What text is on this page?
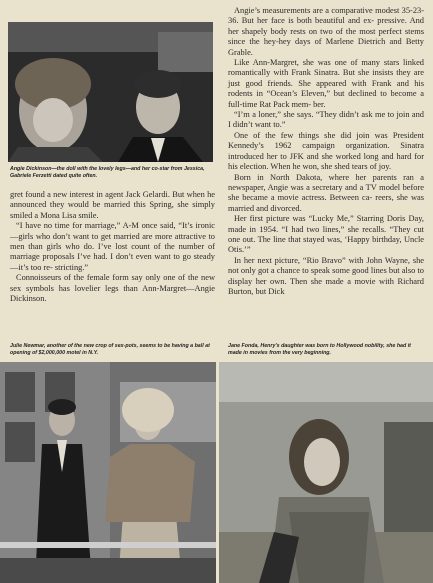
Angie Dickinson—the doll with the lovely legs—and her co-star from Jessica, Gabriele Ferzetti dated quite often.

gret found a new interest in agent Jack Gelardi. But when he announced they would be married this Spring, she simply smiled a Mona Lisa smile.

“I have no time for marriage,” A-M once said, “It’s ironic—girls who don’t want to get married are more attractive to men than girls who do. I’ve lost count of the number of marriage proposals I’ve had. I don’t even want to go steady—it’s too re- stricting.”

Connoisseurs of the female form say only one of the new sex symbols has lovelier legs than Ann-Margret—Angie Dickinson.

Angie’s measurements are a comparative modest 35-23-36. But her face is both beautiful and ex- pressive. And her shapely body rests on two of the most perfect stems since the hey-hey days of Marlene Dietrich and Betty Grable.

Like Ann-Margret, she was one of many stars linked romantically with Frank Sinatra. But she insists they are just good friends. She appeared with Frank and his rodents in “Ocean’s Eleven,” but declined to become a full-time Rat Pack mem- ber.

“I’m a loner,” she says. “They didn’t ask me to join and I didn’t want to.”

One of the few things she did join was President Kennedy’s 1962 campaign organization. Sinatra introduced her to JFK and she worked long and hard for his election. When he won, she shed tears of joy.

Born in North Dakota, where her parents ran a newspaper, Angie was a secretary and a TV model before she became a movie actress. Between ca- reers, she was married and divorced.

Her first picture was “Lucky Me,” Starring Doris Day, made in 1954. “I had two lines,” she recalls. “They cut one out. The line that stayed was, ‘Happy birthday, Uncle Otis.’”

In her next picture, “Rio Bravo” with John Wayne, she not only got a chance to speak some good lines but also to display her own. Then she made a movie with Richard Burton, but Dick

Julie Newmar, another of the new crop of sex-pots, seems to be having a ball at opening of $2,000,000 motel in N.Y.

Jane Fonda, Henry's daughter was born to Hollywood nobility, she had it made in movies from the very beginning.
